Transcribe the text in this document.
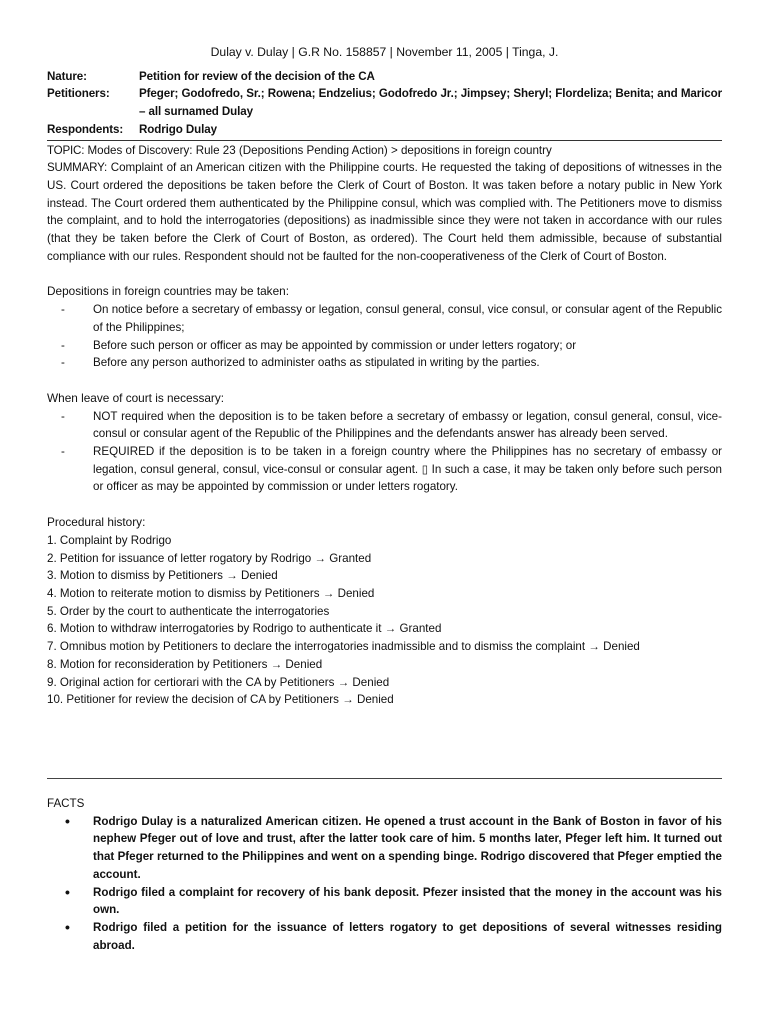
Dulay v. Dulay | G.R No. 158857 | November 11, 2005 | Tinga, J.
Nature:	Petition for review of the decision of the CA
Petitioners:	Pfeger; Godofredo, Sr.; Rowena; Endzelius; Godofredo Jr.; Jimpsey; Sheryl; Flordeliza; Benita; and Maricor – all surnamed Dulay
Respondents:	Rodrigo Dulay

TOPIC: Modes of Discovery: Rule 23 (Depositions Pending Action) > depositions in foreign country

SUMMARY: Complaint of an American citizen with the Philippine courts. He requested the taking of depositions of witnesses in the US. Court ordered the depositions be taken before the Clerk of Court of Boston. It was taken before a notary public in New York instead. The Court ordered them authenticated by the Philippine consul, which was complied with. The Petitioners move to dismiss the complaint, and to hold the interrogatories (depositions) as inadmissible since they were not taken in accordance with our rules (that they be taken before the Clerk of Court of Boston, as ordered). The Court held them admissible, because of substantial compliance with our rules. Respondent should not be faulted for the non-cooperativeness of the Clerk of Court of Boston.

Depositions in foreign countries may be taken:
- On notice before a secretary of embassy or legation, consul general, consul, vice consul, or consular agent of the Republic of the Philippines;
- Before such person or officer as may be appointed by commission or under letters rogatory; or
- Before any person authorized to administer oaths as stipulated in writing by the parties.
When leave of court is necessary:
- NOT required when the deposition is to be taken before a secretary of embassy or legation, consul general, consul, vice-consul or consular agent of the Republic of the Philippines and the defendants answer has already been served.
- REQUIRED if the deposition is to be taken in a foreign country where the Philippines has no secretary of embassy or legation, consul general, consul, vice-consul or consular agent. ▯ In such a case, it may be taken only before such person or officer as may be appointed by commission or under letters rogatory.
Procedural history:
1. Complaint by Rodrigo
2. Petition for issuance of letter rogatory by Rodrigo → Granted
3. Motion to dismiss by Petitioners → Denied
4. Motion to reiterate motion to dismiss by Petitioners → Denied
5. Order by the court to authenticate the interrogatories
6. Motion to withdraw interrogatories by Rodrigo to authenticate it → Granted
7. Omnibus motion by Petitioners to declare the interrogatories inadmissible and to dismiss the complaint → Denied
8. Motion for reconsideration by Petitioners → Denied
9. Original action for certiorari with the CA by Petitioners → Denied
10. Petitioner for review the decision of CA by Petitioners → Denied
FACTS
• Rodrigo Dulay is a naturalized American citizen. He opened a trust account in the Bank of Boston in favor of his nephew Pfeger out of love and trust, after the latter took care of him. 5 months later, Pfeger left him. It turned out that Pfeger returned to the Philippines and went on a spending binge. Rodrigo discovered that Pfeger emptied the account.
• Rodrigo filed a complaint for recovery of his bank deposit. Pfezer insisted that the money in the account was his own.
• Rodrigo filed a petition for the issuance of letters rogatory to get depositions of several witnesses residing abroad.
